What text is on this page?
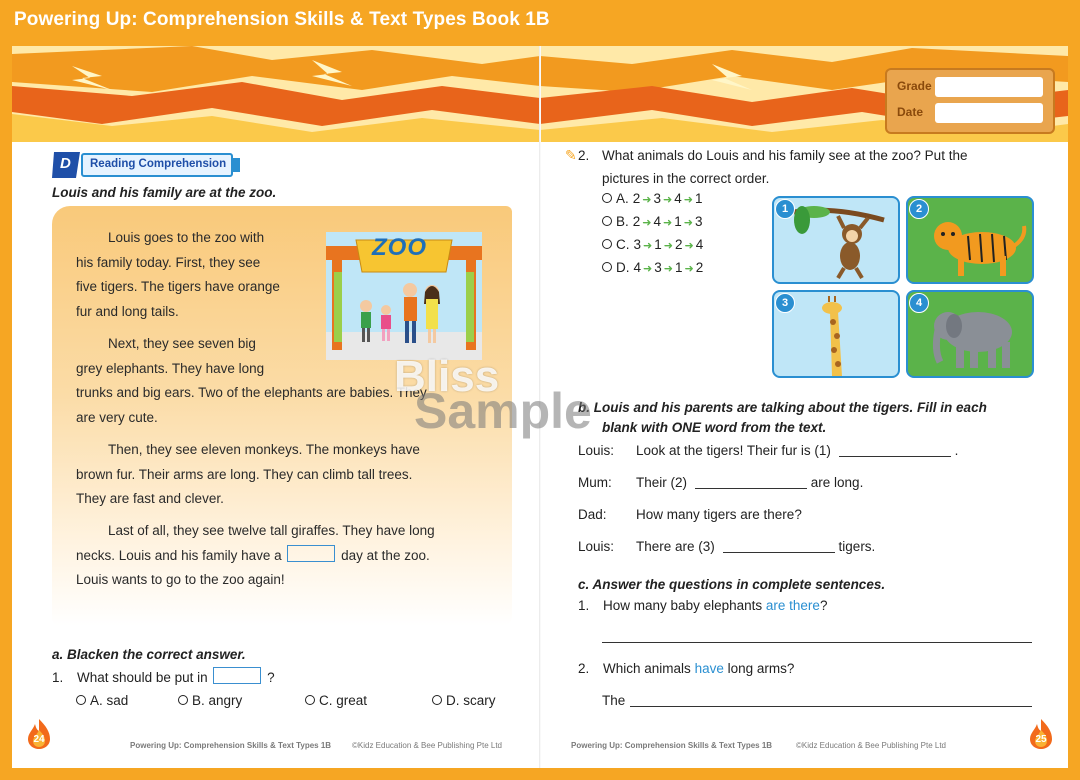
Powering Up: Comprehension Skills & Text Types Book 1B
Grade
Date
D Reading Comprehension
Louis and his family are at the zoo.

Louis goes to the zoo with
his family today. First, they see
five tigers. The tigers have orange
fur and long tails.

Next, they see seven big
grey elephants. They have long
trunks and big ears. Two of the elephants are babies. They
are very cute.

Then, they see eleven monkeys. The monkeys have
brown fur. Their arms are long. They can climb tall trees.
They are fast and clever.

Last of all, they see twelve tall giraffes. They have long
necks. Louis and his family have a	day at the zoo.
Louis wants to go to the zoo again!

ZOO
a. Blacken the correct answer.
1. What should be put in	?
A. sad	B. angry	C. great	D. scary
✎ 2. What animals do Louis and his family see at the zoo? Put the
pictures in the correct order.
A. 2 ➜ 3 ➜ 4 ➜ 1
B. 2 ➜ 4 ➜ 1 ➜ 3
C. 3 ➜ 1 ➜ 2 ➜ 4
D. 4 ➜ 3 ➜ 1 ➜ 2
1	2
3	4
b. Louis and his parents are talking about the tigers. Fill in each
blank with ONE word from the text.
Louis: Look at the tigers! Their fur is (1)	.
Mum: Their (2)	are long.
Dad: How many tigers are there?
Louis: There are (3)	tigers.
c. Answer the questions in complete sentences.
1. How many baby elephants are there?
2. Which animals have long arms?
The
Bliss
Sample
24
Powering Up: Comprehension Skills & Text Types 1B	©Kidz Education & Bee Publishing Pte Ltd	Powering Up: Comprehension Skills & Text Types 1B	©Kidz Education & Bee Publishing Pte Ltd
25
